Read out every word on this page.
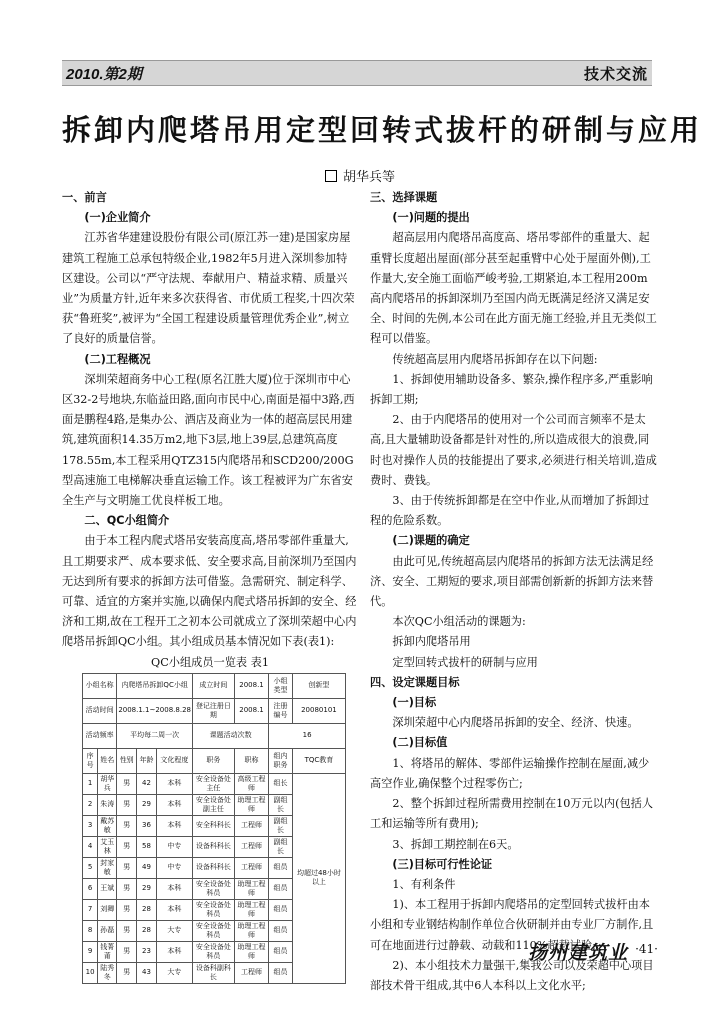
2010.第2期	技术交流
拆卸内爬塔吊用定型回转式拔杆的研制与应用
胡华兵等

一、前言

(一)企业简介

江苏省华建建设股份有限公司(原江苏一建)是国家房屋建筑工程施工总承包特级企业,1982年5月进入深圳参加特区建设。公司以“严守法规、奉献用户、精益求精、质量兴业”为质量方针,近年来多次获得省、市优质工程奖,十四次荣获“鲁班奖”,被评为“全国工程建设质量管理优秀企业”,树立了良好的质量信誉。

(二)工程概况

深圳荣超商务中心工程(原名江胜大厦)位于深圳市中心区32-2号地块,东临益田路,面向市民中心,南面是福中3路,西面是鹏程4路,是集办公、酒店及商业为一体的超高层民用建筑,建筑面积14.35万m2,地下3层,地上39层,总建筑高度178.55m,本工程采用QTZ315内爬塔吊和SCD200/200G型高速施工电梯解决垂直运输工作。该工程被评为广东省安全生产与文明施工优良样板工地。

二、QC小组简介

由于本工程内爬式塔吊安装高度高,塔吊零部件重量大,且工期要求严、成本要求低、安全要求高,目前深圳乃至国内无达到所有要求的拆卸方法可借鉴。急需研究、制定科学、可靠、适宜的方案并实施,以确保内爬式塔吊拆卸的安全、经济和工期,故在工程开工之初本公司就成立了深圳荣超中心内爬塔吊拆卸QC小组。其小组成员基本情况如下表(表1):

QC小组成员一览表 表1

小组名称		内爬塔吊拆卸QC小组			成立时间	2008.1	小组类型	创新型
活动时间		2008.1.1~2008.8.28			登记注册日期	2008.1	注册编号	20080101
活动频率		平均每二周一次			课题活动次数		16	
序号	姓名	性别	年龄	文化程度	职务	职称	组内职务	TQC教育
1	胡华兵	男	42	本科	安全设备处主任	高级工程师	组长	均超过48小时以上
2	朱涛	男	29	本科	安全设备处副主任	助理工程师	副组长	
3	戴苏敏	男	36	本科	安全科科长	工程师	副组长	
4	艾玉林	男	58	中专	设备科科长	工程师	副组长	
5	封家敏	男	49	中专	设备科科长	工程师	组员	
6	王斌	男	29	本科	安全设备处科员	助理工程师	组员	
7	刘卿	男	28	本科	安全设备处科员	助理工程师	组员	
8	孙磊	男	28	大专	安全设备处科员	助理工程师	组员	
9	钱菁莆	男	23	本科	安全设备处科员	助理工程师	组员	
10	陆秀冬	男	43	大专	设备科副科长	工程师	组员	

三、选择课题

(一)问题的提出

超高层用内爬塔吊高度高、塔吊零部件的重量大、起重臂长度超出屋面(部分甚至起重臂中心处于屋面外侧),工作量大,安全施工面临严峻考验,工期紧迫,本工程用200m高内爬塔吊的拆卸深圳乃至国内尚无既满足经济又满足安全、时间的先例,本公司在此方面无施工经验,并且无类似工程可以借鉴。

传统超高层用内爬塔吊拆卸存在以下问题:

1、拆卸使用辅助设备多、繁杂,操作程序多,严重影响拆卸工期;

2、由于内爬塔吊的使用对一个公司而言频率不是太高,且大量辅助设备都是针对性的,所以造成很大的浪费,同时也对操作人员的技能提出了要求,必须进行相关培训,造成费时、费钱。

3、由于传统拆卸都是在空中作业,从而增加了拆卸过程的危险系数。

(二)课题的确定

由此可见,传统超高层内爬塔吊的拆卸方法无法满足经济、安全、工期短的要求,项目部需创新新的拆卸方法来替代。

本次QC小组活动的课题为:

拆卸内爬塔吊用

定型回转式拔杆的研制与应用

四、设定课题目标

(一)目标

深圳荣超中心内爬塔吊拆卸的安全、经济、快速。

(二)目标值

1、将塔吊的解体、零部件运输操作控制在屋面,减少高空作业,确保整个过程零伤亡;

2、整个拆卸过程所需费用控制在10万元以内(包括人工和运输等所有费用);

3、拆卸工期控制在6天。

(三)目标可行性论证

1、有利条件

1)、本工程用于拆卸内爬塔吊的定型回转式拔杆由本小组和专业钢结构制作单位合伙研制并由专业厂方制作,且可在地面进行过静载、动载和110%超载试验;

2)、本小组技术力量强干,集我公司以及荣超中心项目部技术骨干组成,其中6人本科以上文化水平;

扬州建筑业 ·41·
